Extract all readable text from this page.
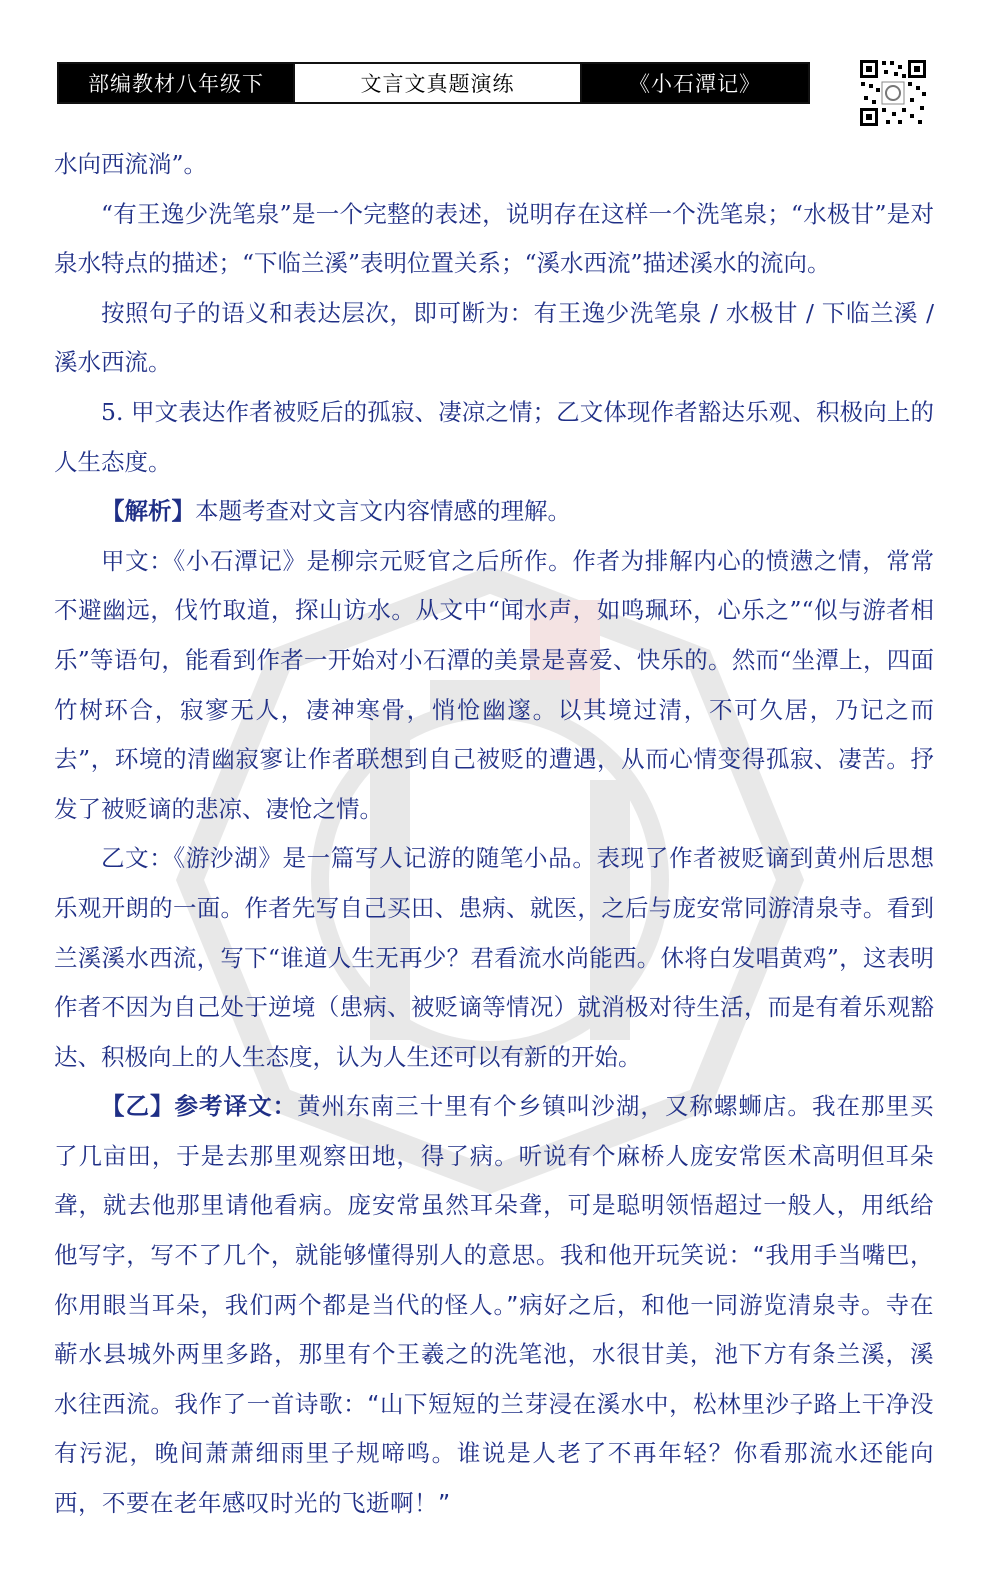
部编教材八年级下	文言文真题演练	《小石潭记》

水向西流淌”。

“有王逸少洗笔泉”是一个完整的表述，说明存在这样一个洗笔泉；“水极甘”是对泉水特点的描述；“下临兰溪”表明位置关系；“溪水西流”描述溪水的流向。

按照句子的语义和表达层次，即可断为：有王逸少洗笔泉 / 水极甘 / 下临兰溪 / 溪水西流。

5. 甲文表达作者被贬后的孤寂、凄凉之情；乙文体现作者豁达乐观、积极向上的人生态度。

【解析】本题考查对文言文内容情感的理解。

甲文：《小石潭记》是柳宗元贬官之后所作。作者为排解内心的愤懑之情，常常不避幽远，伐竹取道，探山访水。从文中“闻水声，如鸣珮环，心乐之”“似与游者相乐”等语句，能看到作者一开始对小石潭的美景是喜爱、快乐的。然而“坐潭上，四面竹树环合，寂寥无人，凄神寒骨，悄怆幽邃。以其境过清，不可久居，乃记之而去”，环境的清幽寂寥让作者联想到自己被贬的遭遇，从而心情变得孤寂、凄苦。抒发了被贬谪的悲凉、凄怆之情。

乙文：《游沙湖》是一篇写人记游的随笔小品。表现了作者被贬谪到黄州后思想乐观开朗的一面。作者先写自己买田、患病、就医，之后与庞安常同游清泉寺。看到兰溪溪水西流，写下“谁道人生无再少？君看流水尚能西。休将白发唱黄鸡”，这表明作者不因为自己处于逆境（患病、被贬谪等情况）就消极对待生活，而是有着乐观豁达、积极向上的人生态度，认为人生还可以有新的开始。

【乙】参考译文：黄州东南三十里有个乡镇叫沙湖，又称螺蛳店。我在那里买了几亩田，于是去那里观察田地，得了病。听说有个麻桥人庞安常医术高明但耳朵聋，就去他那里请他看病。庞安常虽然耳朵聋，可是聪明领悟超过一般人，用纸给他写字，写不了几个，就能够懂得别人的意思。我和他开玩笑说：“我用手当嘴巴，你用眼当耳朵，我们两个都是当代的怪人。”病好之后，和他一同游览清泉寺。寺在蕲水县城外两里多路，那里有个王羲之的洗笔池，水很甘美，池下方有条兰溪，溪水往西流。我作了一首诗歌：“山下短短的兰芽浸在溪水中，松林里沙子路上干净没有污泥，晚间萧萧细雨里子规啼鸣。谁说是人老了不再年轻？你看那流水还能向西，不要在老年感叹时光的飞逝啊！”
